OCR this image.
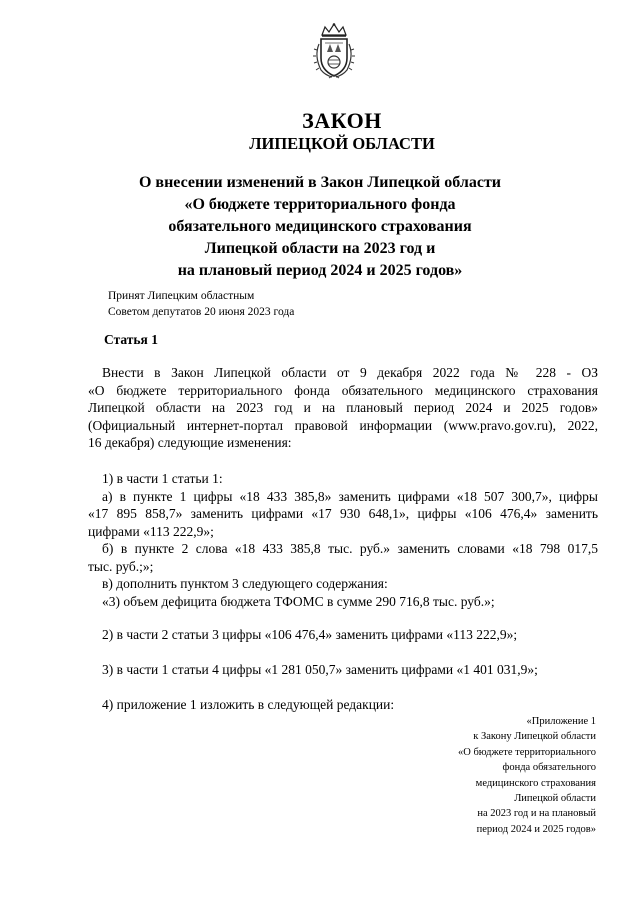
ЗАКОН
ЛИПЕЦКОЙ ОБЛАСТИ
О внесении изменений в Закон Липецкой области
«О бюджете территориального фонда
обязательного медицинского страхования
Липецкой области на 2023 год и
на плановый период 2024 и 2025 годов»
Принят Липецким областным
Советом депутатов 20 июня 2023 года
Статья 1
Внести в Закон Липецкой области от 9 декабря 2022 года № 228 - ОЗ
«О бюджете территориального фонда обязательного медицинского страхования
Липецкой области на 2023 год и на плановый период 2024 и 2025 годов»
(Официальный интернет-портал правовой информации (www.pravo.gov.ru), 2022,
16 декабря) следующие изменения:
1) в части 1 статьи 1:
а) в пункте 1 цифры «18 433 385,8» заменить цифрами «18 507 300,7», цифры
«17 895 858,7» заменить цифрами «17 930 648,1», цифры «106 476,4» заменить
цифрами «113 222,9»;
б) в пункте 2 слова «18 433 385,8 тыс. руб.» заменить словами «18 798 017,5
тыс. руб.;»;
в) дополнить пунктом 3 следующего содержания:
«3) объем дефицита бюджета ТФОМС в сумме 290 716,8 тыс. руб.»;
2) в части 2 статьи 3 цифры «106 476,4» заменить цифрами «113 222,9»;
3) в части 1 статьи 4 цифры «1 281 050,7» заменить цифрами «1 401 031,9»;
4) приложение 1 изложить в следующей редакции:
«Приложение 1
к Закону Липецкой области
«О бюджете территориального
фонда обязательного
медицинского страхования
Липецкой области
на 2023 год и на плановый
период 2024 и 2025 годов»
